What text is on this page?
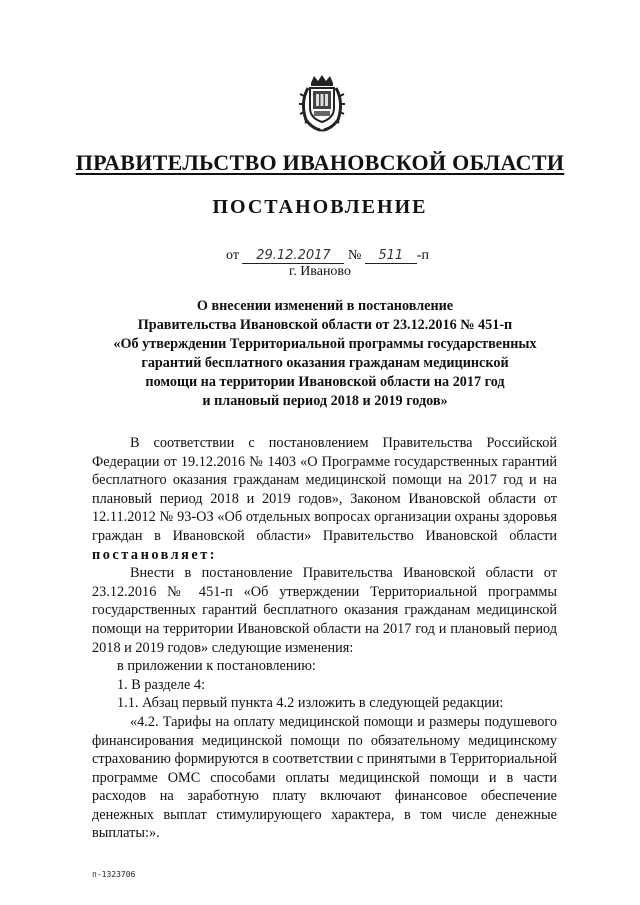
ПРАВИТЕЛЬСТВО ИВАНОВСКОЙ ОБЛАСТИ
ПОСТАНОВЛЕНИЕ
от 29.12.2017 № 511 -п
г. Иваново
О внесении изменений в постановление
Правительства Ивановской области от 23.12.2016 № 451-п
«Об утверждении Территориальной программы государственных
гарантий бесплатного оказания гражданам медицинской
помощи на территории Ивановской области на 2017 год
и плановый период 2018 и 2019 годов»

В соответствии с постановлением Правительства Российской Федерации от 19.12.2016 № 1403 «О Программе государственных гарантий бесплатного оказания гражданам медицинской помощи на 2017 год и на плановый период 2018 и 2019 годов», Законом Ивановской области от 12.11.2012 № 93-ОЗ «Об отдельных вопросах организации охраны здоровья граждан в Ивановской области» Правительство Ивановской области постановляет:

Внести в постановление Правительства Ивановской области от 23.12.2016 № 451-п «Об утверждении Территориальной программы государственных гарантий бесплатного оказания гражданам медицинской помощи на территории Ивановской области на 2017 год и плановый период 2018 и 2019 годов» следующие изменения:

в приложении к постановлению:

1. В разделе 4:

1.1. Абзац первый пункта 4.2 изложить в следующей редакции:

«4.2. Тарифы на оплату медицинской помощи и размеры подушевого финансирования медицинской помощи по обязательному медицинскому страхованию формируются в соответствии с принятыми в Территориальной программе ОМС способами оплаты медицинской помощи и в части расходов на заработную плату включают финансовое обеспечение денежных выплат стимулирующего характера, в том числе денежные выплаты:».

п-1323706
